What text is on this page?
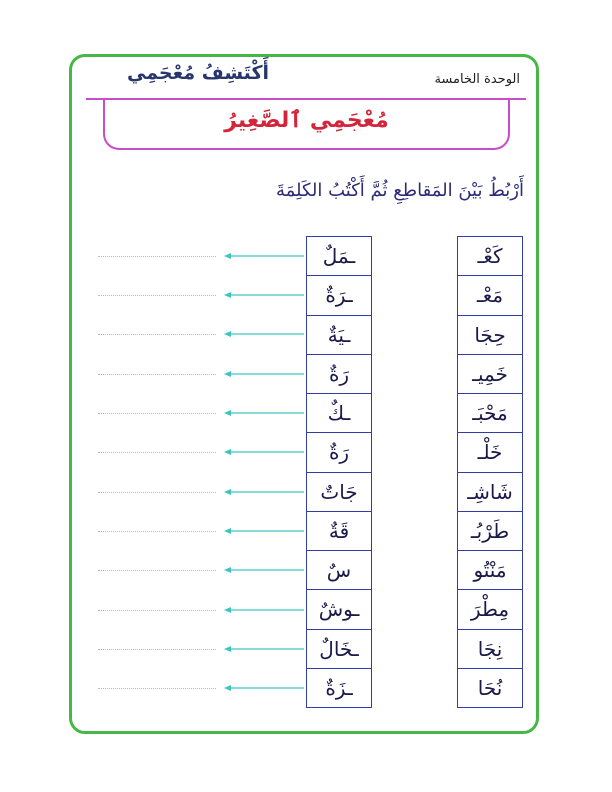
الوحدة الخامسة
أَكْتَشِفُ مُعْجَمِي
مُعْجَمِي ٱلصَّغِيرُ
أَرْبُطُ بَيْنَ المَقاطِعِ ثُمَّ أَكْتُبُ الكَلِمَةَ
كَعْـ
مَعْـ
حِجَا
خَمِيـ
مَحْبَـ
خَلْـ
شَاشِـ
طَرْبُـ
مَنْتُو
مِطْرَ
نِجَا
نُحَا
ـمَلٌ
ـرَةٌ
ـيَةٌ
رَةٌ
ـكٌ
رَةٌ
جَاتٌ
قَةٌ
سٌ
ـوشٌ
ـخَالٌ
ـزَةٌ
